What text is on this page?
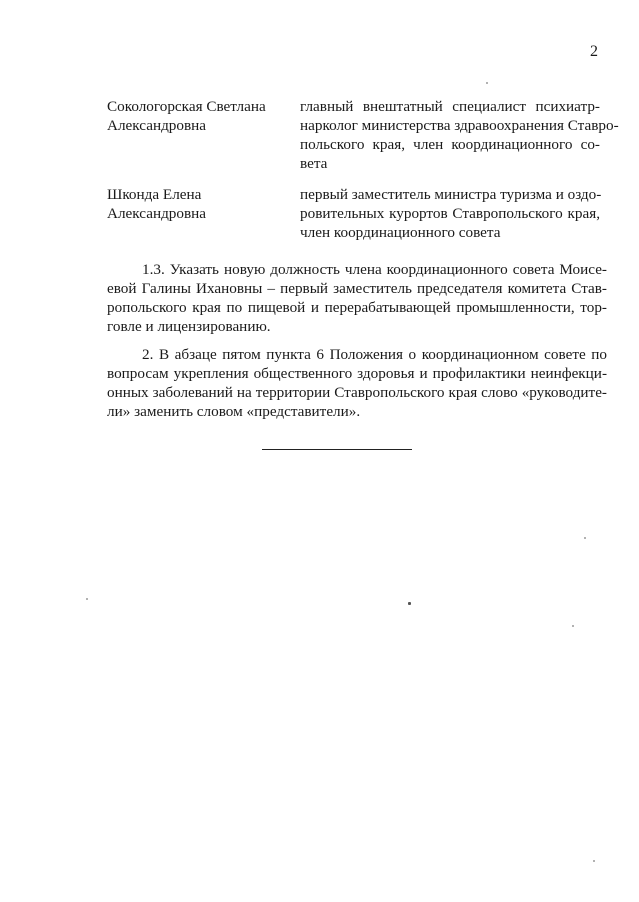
2
Сокологорская Светлана
Александровна
главный внештатный специалист психиатр-
нарколог министерства здравоохранения Ставро-
польского края, член координационного со-
вета
Шконда Елена
Александровна
первый заместитель министра туризма и оздо-
ровительных курортов Ставропольского края,
член координационного совета
1.3. Указать новую должность члена координационного совета Моисе-
евой Галины Ихановны – первый заместитель председателя комитета Став-
ропольского края по пищевой и перерабатывающей промышленности, тор-
говле и лицензированию.
2. В абзаце пятом пункта 6 Положения о координационном совете по
вопросам укрепления общественного здоровья и профилактики неинфекци-
онных заболеваний на территории Ставропольского края слово «руководите-
ли» заменить словом «представители».
